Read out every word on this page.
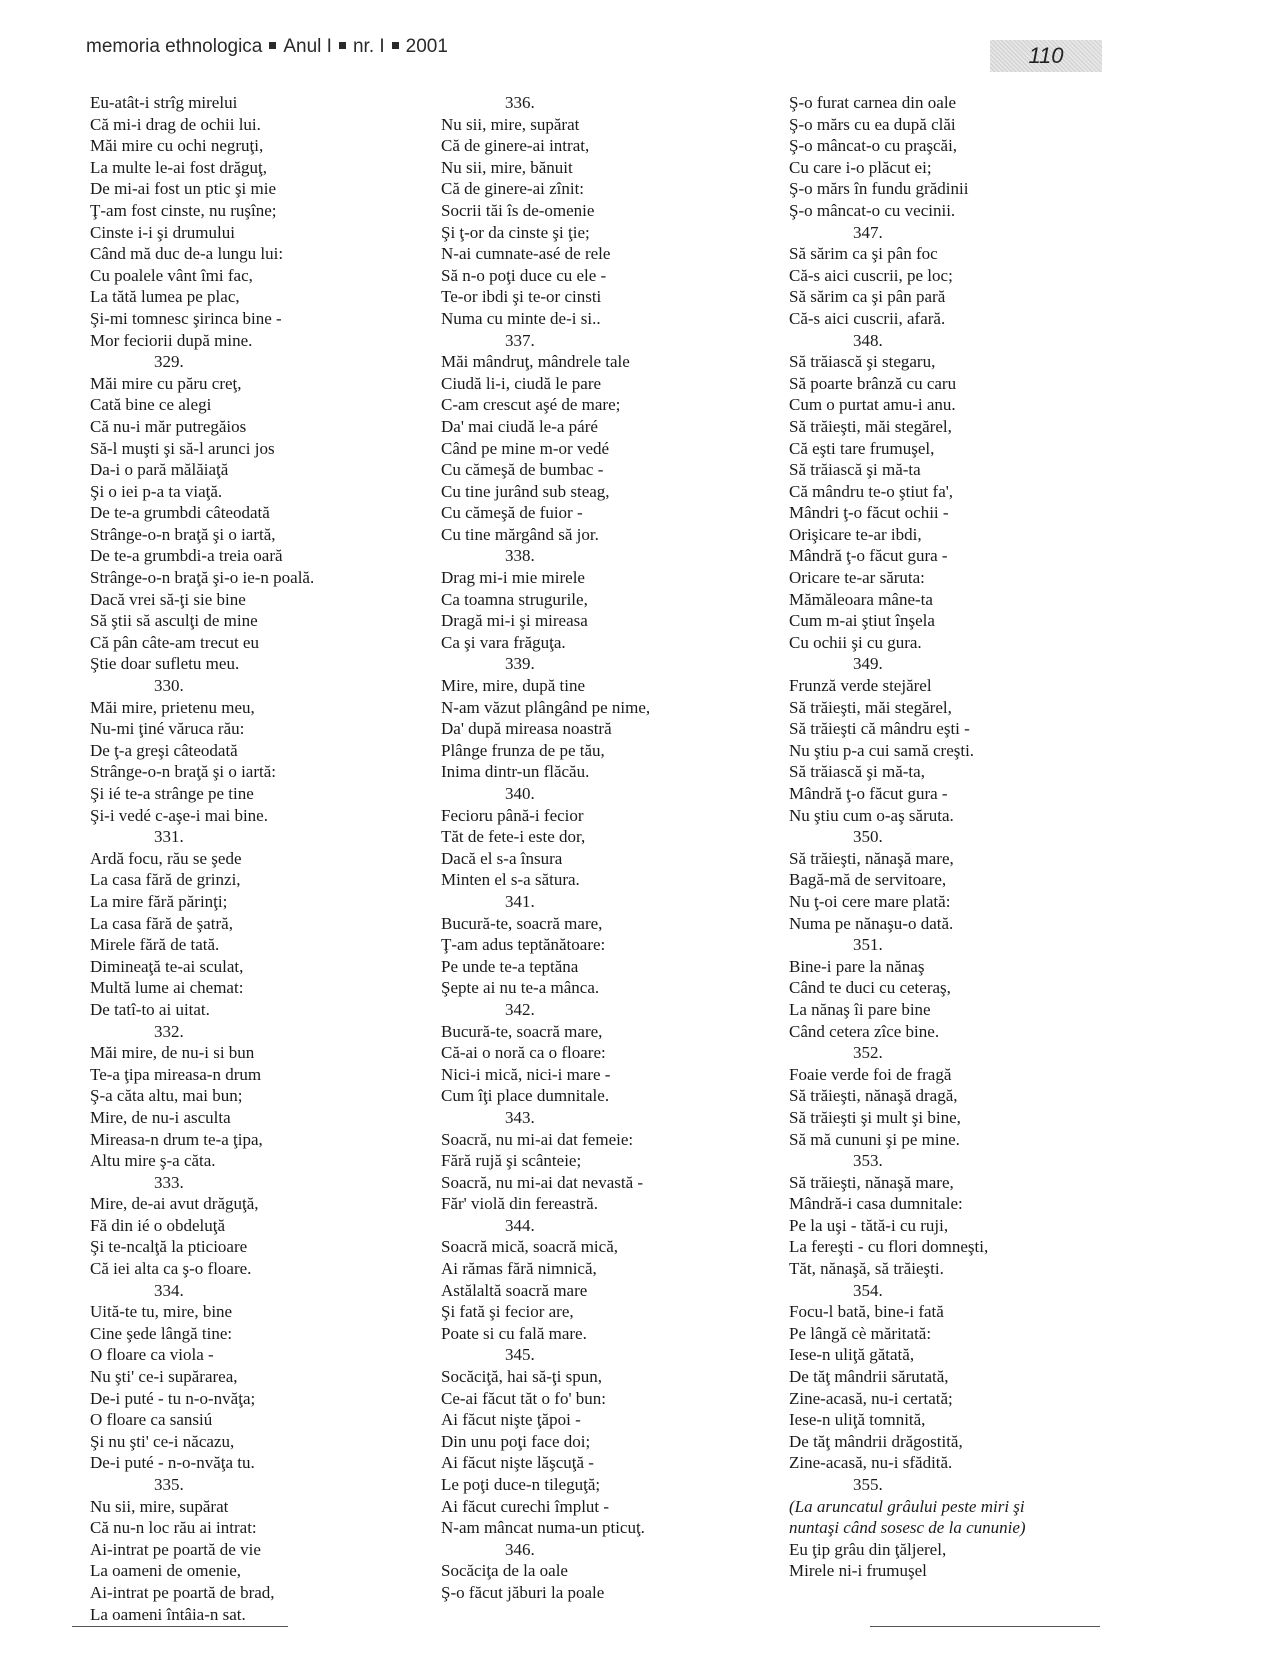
memoria ethnologica Anul I nr. I 2001	110
Eu-atât-i strîg mirelui
Că mi-i drag de ochii lui.
Măi mire cu ochi negruţi,
La multe le-ai fost drăguţ,
De mi-ai fost un ptic şi mie
Ţ-am fost cinste, nu ruşîne;
Cinste i-i şi drumului
Când mă duc de-a lungu lui:
Cu poalele vânt îmi fac,
La tătă lumea pe plac,
Şi-mi tomnesc şirinca bine -
Mor feciorii după mine.
329.
Măi mire cu păru creţ,
Cată bine ce alegi
Că nu-i măr putregăios
Să-l muşti şi să-l arunci jos
Da-i o pară mălăiaţă
Şi o iei p-a ta viaţă.
De te-a grumbdi câteodată
Strânge-o-n braţă şi o iartă,
De te-a grumbdi-a treia oară
Strânge-o-n braţă şi-o ie-n poală.
Dacă vrei să-ţi sie bine
Să ştii să asculţi de mine
Că pân câte-am trecut eu
Ştie doar sufletu meu.
330.
Măi mire, prietenu meu,
Nu-mi ţiné văruca rău:
De ţ-a greşi câteodată
Strânge-o-n braţă şi o iartă:
Şi ié te-a strânge pe tine
Şi-i vedé c-aşe-i mai bine.
331.
Ardă focu, rău se şede
La casa fără de grinzi,
La mire fără părinţi;
La casa fără de şatră,
Mirele fără de tată.
Dimineaţă te-ai sculat,
Multă lume ai chemat:
De tatî-to ai uitat.
332.
Măi mire, de nu-i si bun
Te-a ţipa mireasa-n drum
Ş-a căta altu, mai bun;
Mire, de nu-i asculta
Mireasa-n drum te-a ţipa,
Altu mire ş-a căta.
333.
Mire, de-ai avut drăguţă,
Fă din ié o obdeluţă
Şi te-ncalţă la pticioare
Că iei alta ca ş-o floare.
334.
Uită-te tu, mire, bine
Cine şede lângă tine:
O floare ca viola -
Nu şti' ce-i supărarea,
De-i puté - tu n-o-nvăţa;
O floare ca sansiú
Şi nu şti' ce-i năcazu,
De-i puté - n-o-nvăţa tu.
335.
Nu sii, mire, supărat
Că nu-n loc rău ai intrat:
Ai-intrat pe poartă de vie
La oameni de omenie,
Ai-intrat pe poartă de brad,
La oameni întâia-n sat.
336.
Nu sii, mire, supărat
Că de ginere-ai intrat,
Nu sii, mire, bănuit
Că de ginere-ai zînit:
Socrii tăi îs de-omenie
Şi ţ-or da cinste şi ţie;
N-ai cumnate-asé de rele
Să n-o poţi duce cu ele -
Te-or ibdi şi te-or cinsti
Numa cu minte de-i si..
337.
Măi mândruţ, mândrele tale
Ciudă li-i, ciudă le pare
C-am crescut aşé de mare;
Da' mai ciudă le-a páré
Când pe mine m-or vedé
Cu cămeşă de bumbac -
Cu tine jurând sub steag,
Cu cămeşă de fuior -
Cu tine mărgând să jor.
338.
Drag mi-i mie mirele
Ca toamna strugurile,
Dragă mi-i şi mireasa
Ca şi vara frăguţa.
339.
Mire, mire, după tine
N-am văzut plângând pe nime,
Da' după mireasa noastră
Plânge frunza de pe tău,
Inima dintr-un flăcău.
340.
Fecioru până-i fecior
Tăt de fete-i este dor,
Dacă el s-a însura
Minten el s-a sătura.
341.
Bucură-te, soacră mare,
Ţ-am adus teptănătoare:
Pe unde te-a teptăna
Şepte ai nu te-a mânca.
342.
Bucură-te, soacră mare,
Că-ai o noră ca o floare:
Nici-i mică, nici-i mare -
Cum îţi place dumnitale.
343.
Soacră, nu mi-ai dat femeie:
Fără rujă şi scânteie;
Soacră, nu mi-ai dat nevastă -
Făr' violă din fereastră.
344.
Soacră mică, soacră mică,
Ai rămas fără nimnică,
Astălaltă soacră mare
Şi fată şi fecior are,
Poate si cu fală mare.
345.
Socăciţă, hai să-ţi spun,
Ce-ai făcut tăt o fo' bun:
Ai făcut nişte ţăpoi -
Din unu poţi face doi;
Ai făcut nişte lăşcuţă -
Le poţi duce-n tileguţă;
Ai făcut curechi împlut -
N-am mâncat numa-un pticuţ.
346.
Socăciţa de la oale
Ş-o făcut jăburi la poale
Ş-o furat carnea din oale
Ş-o mărs cu ea după clăi
Ş-o mâncat-o cu praşcăi,
Cu care i-o plăcut ei;
Ş-o mărs în fundu grădinii
Ş-o mâncat-o cu vecinii.
347.
Să sărim ca şi pân foc
Că-s aici cuscrii, pe loc;
Să sărim ca şi pân pară
Că-s aici cuscrii, afară.
348.
Să trăiască şi stegaru,
Să poarte brânză cu caru
Cum o purtat amu-i anu.
Să trăieşti, măi stegărel,
Că eşti tare frumuşel,
Să trăiască şi mă-ta
Că mândru te-o ştiut fa',
Mândri ţ-o făcut ochii -
Orişicare te-ar ibdi,
Mândră ţ-o făcut gura -
Oricare te-ar săruta:
Mămăleoara mâne-ta
Cum m-ai ştiut înşela
Cu ochii şi cu gura.
349.
Frunză verde stejărel
Să trăieşti, măi stegărel,
Să trăieşti că mândru eşti -
Nu ştiu p-a cui samă creşti.
Să trăiască şi mă-ta,
Mândră ţ-o făcut gura -
Nu ştiu cum o-aş săruta.
350.
Să trăieşti, nănaşă mare,
Bagă-mă de servitoare,
Nu ţ-oi cere mare plată:
Numa pe nănaşu-o dată.
351.
Bine-i pare la nănaş
Când te duci cu ceteraş,
La nănaş îi pare bine
Când cetera zîce bine.
352.
Foaie verde foi de fragă
Să trăieşti, nănaşă dragă,
Să trăieşti şi mult şi bine,
Să mă cununi şi pe mine.
353.
Să trăieşti, nănaşă mare,
Mândră-i casa dumnitale:
Pe la uşi - tătă-i cu ruji,
La fereşti - cu flori domneşti,
Tăt, nănaşă, să trăieşti.
354.
Focu-l bată, bine-i fată
Pe lângă cè măritată:
Iese-n uliţă gătată,
De tăţ mândrii sărutată,
Zine-acasă, nu-i certată;
Iese-n uliţă tomnită,
De tăţ mândrii drăgostită,
Zine-acasă, nu-i sfădită.
355.
(La aruncatul grâului peste miri şi
nuntaşi când sosesc de la cununie)
Eu ţip grâu din ţăljerel,
Mirele ni-i frumuşel
